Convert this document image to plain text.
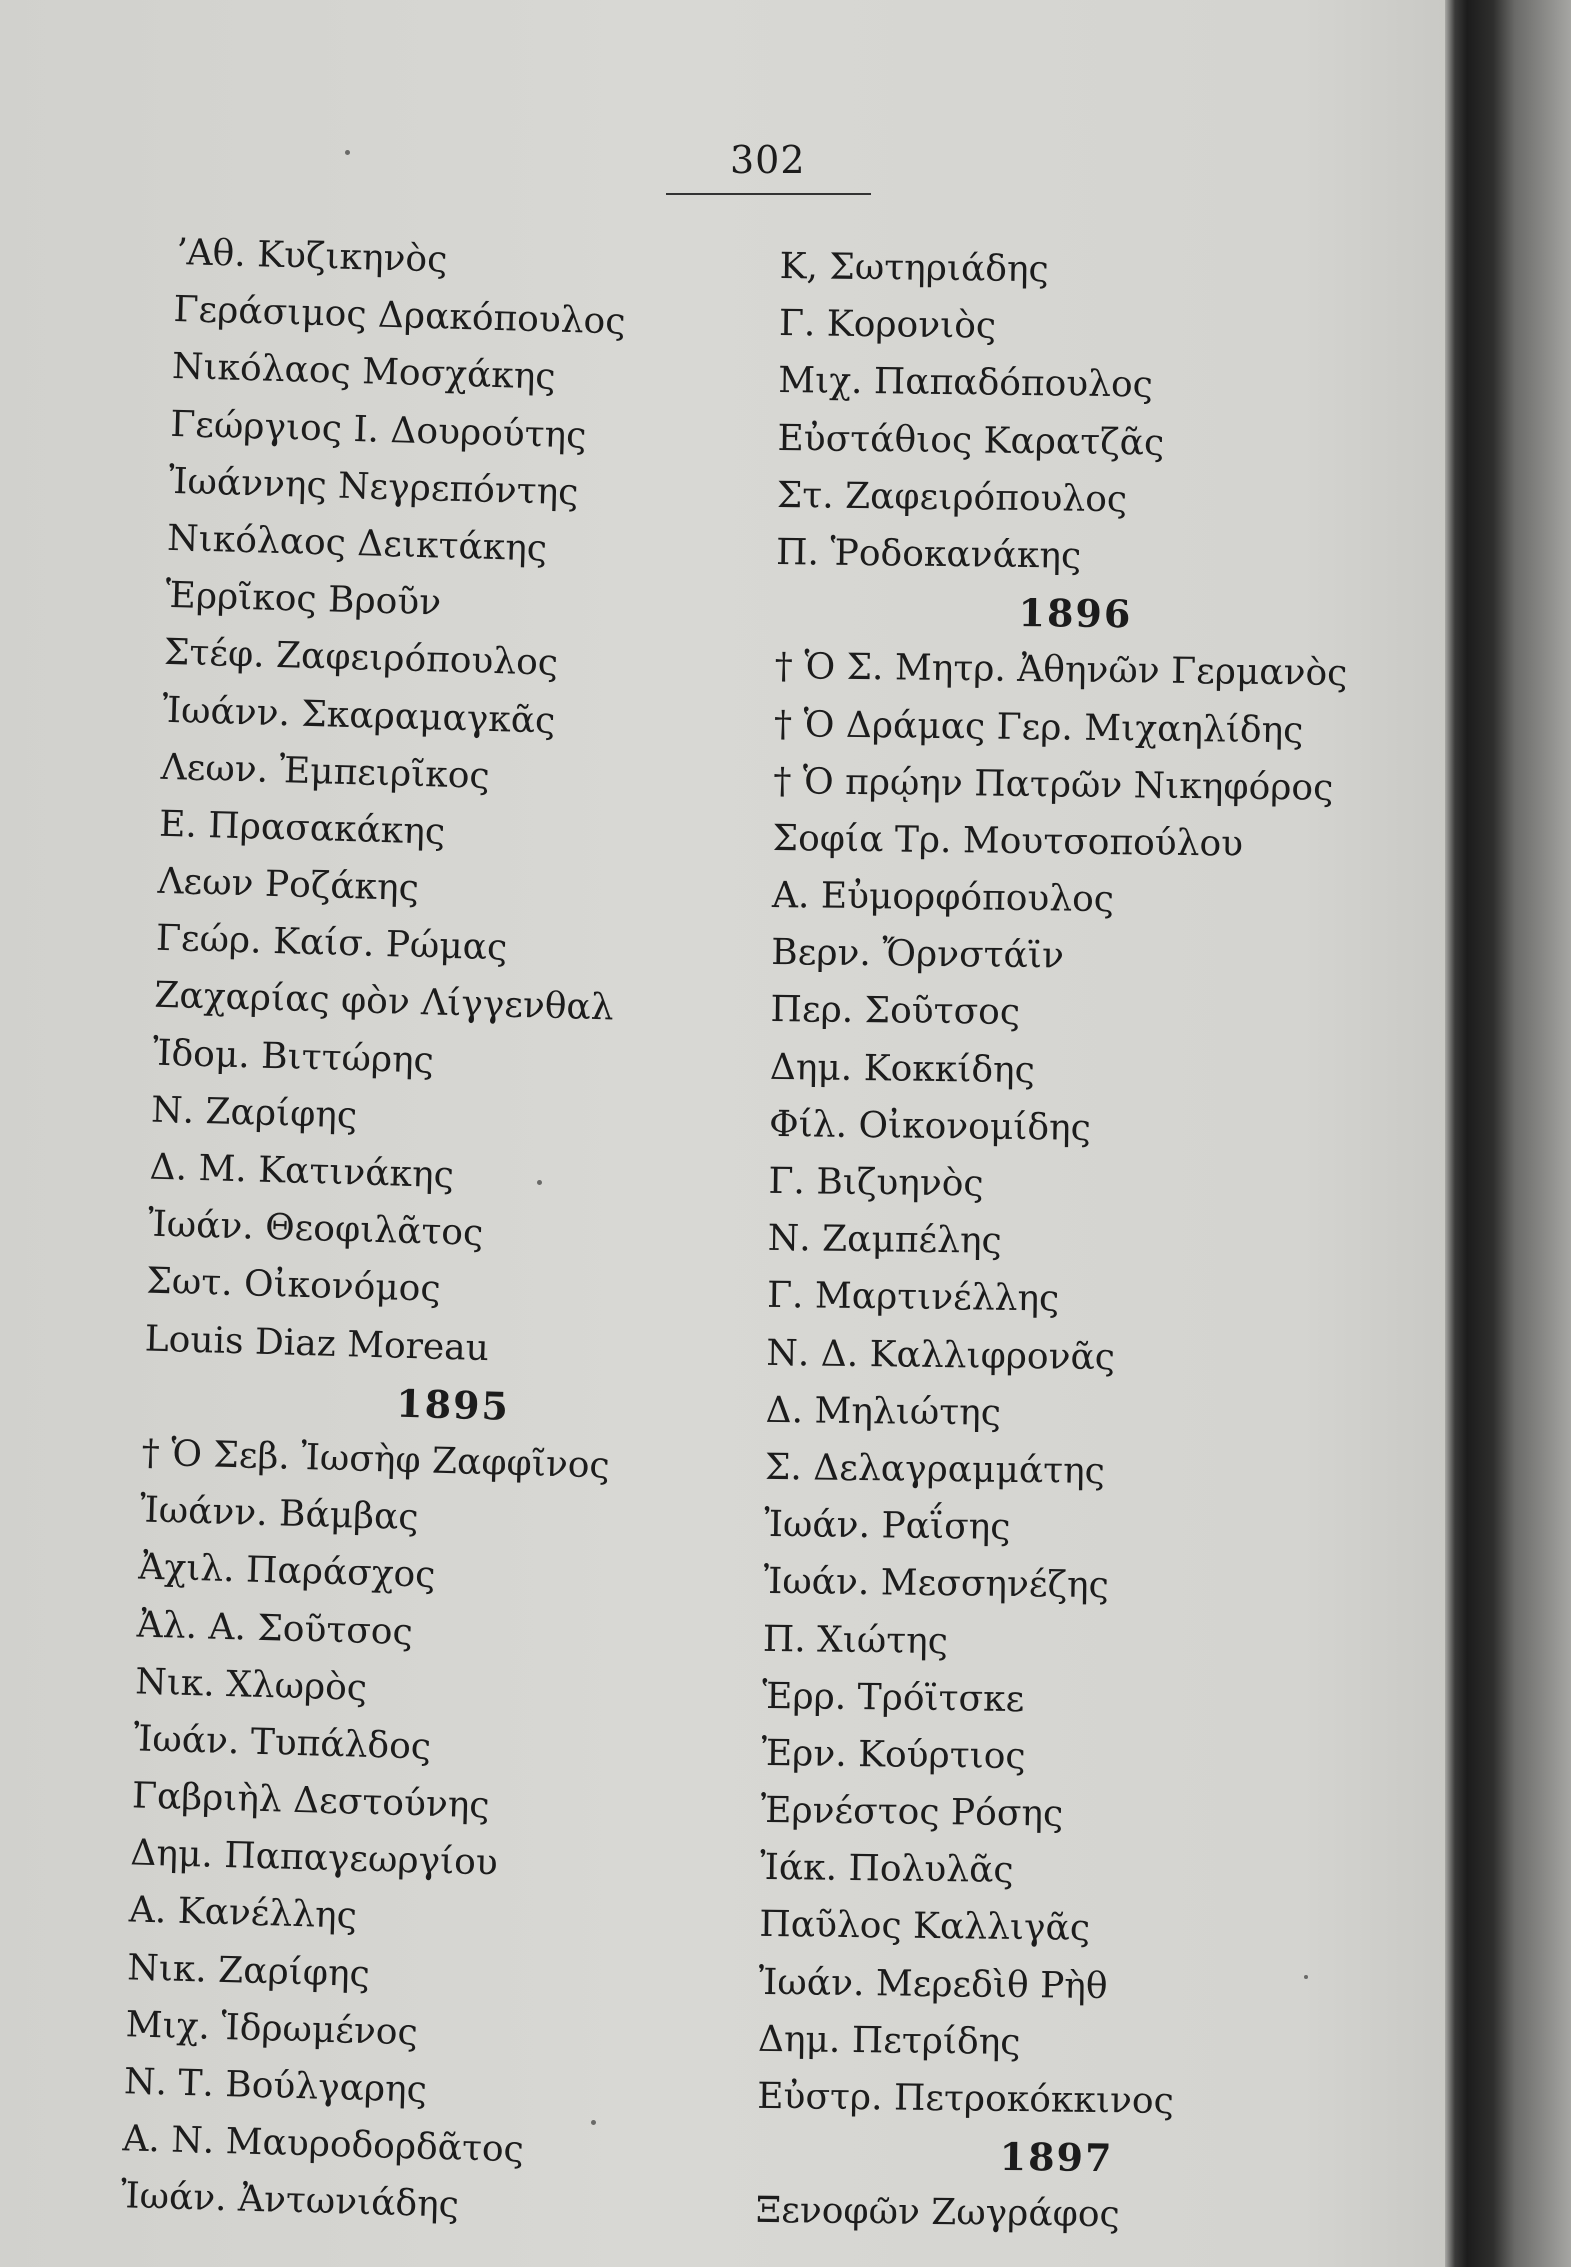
302
ʼΑθ. Κυζικηνὸς
Γεράσιμος Δρακόπουλος
Νικόλαος Μοσχάκης
Γεώργιος Ι. Δουρούτης
Ἰωάννης Νεγρεπόντης
Νικόλαος Δεικτάκης
Ἑρρῖκος Βροῦν
Στέφ. Ζαφειρόπουλος
Ἰωάνν. Σκαραμαγκᾶς
Λεων. Ἐμπειρῖκος
Ε. Πρασακάκης
Λεων Ροζάκης
Γεώρ. Καίσ. Ρώμας
Ζαχαρίας φὸν Λίγγενθαλ
Ἰδομ. Βιττώρης
Ν. Ζαρίφης
Δ. Μ. Κατινάκης
Ἰωάν. Θεοφιλᾶτος
Σωτ. Οἰκονόμος
Louis Diaz Moreau
1895
† Ὁ Σεβ. Ἰωσὴφ Ζαφφῖνος
Ἰωάνν. Βάμβας
Ἀχιλ. Παράσχος
Ἀλ. Α. Σοῦτσος
Νικ. Χλωρὸς
Ἰωάν. Τυπάλδος
Γαβριὴλ Δεστούνης
Δημ. Παπαγεωργίου
Α. Κανέλλης
Νικ. Ζαρίφης
Μιχ. Ἱδρωμένος
Ν. Τ. Βούλγαρης
Α. Ν. Μαυροδορδᾶτος
Ἰωάν. Ἀντωνιάδης
Κ, Σωτηριάδης
Γ. Κορονιὸς
Μιχ. Παπαδόπουλος
Εὐστάθιος Καρατζᾶς
Στ. Ζαφειρόπουλος
Π. Ῥοδοκανάκης
1896
† Ὁ Σ. Μητρ. Ἀθηνῶν Γερμανὸς
† Ὁ Δράμας Γερ. Μιχαηλίδης
† Ὁ πρῴην Πατρῶν Νικηφόρος
Σοφία Τρ. Μουτσοπούλου
Α. Εὐμορφόπουλος
Βερν. Ὄρνστάϊν
Περ. Σοῦτσος
Δημ. Κοκκίδης
Φίλ. Οἰκονομίδης
Γ. Βιζυηνὸς
Ν. Ζαμπέλης
Γ. Μαρτινέλλης
Ν. Δ. Καλλιφρονᾶς
Δ. Μηλιώτης
Σ. Δελαγραμμάτης
Ἰωάν. Ραΐσης
Ἰωάν. Μεσσηνέζης
Π. Χιώτης
Ἑρρ. Τρόϊτσκε
Ἐρν. Κούρτιος
Ἐρνέστος Ρόσης
Ἰάκ. Πολυλᾶς
Παῦλος Καλλιγᾶς
Ἰωάν. Μερεδὶθ Ρὴθ
Δημ. Πετρίδης
Εὐστρ. Πετροκόκκινος
1897
Ξενοφῶν Ζωγράφος
